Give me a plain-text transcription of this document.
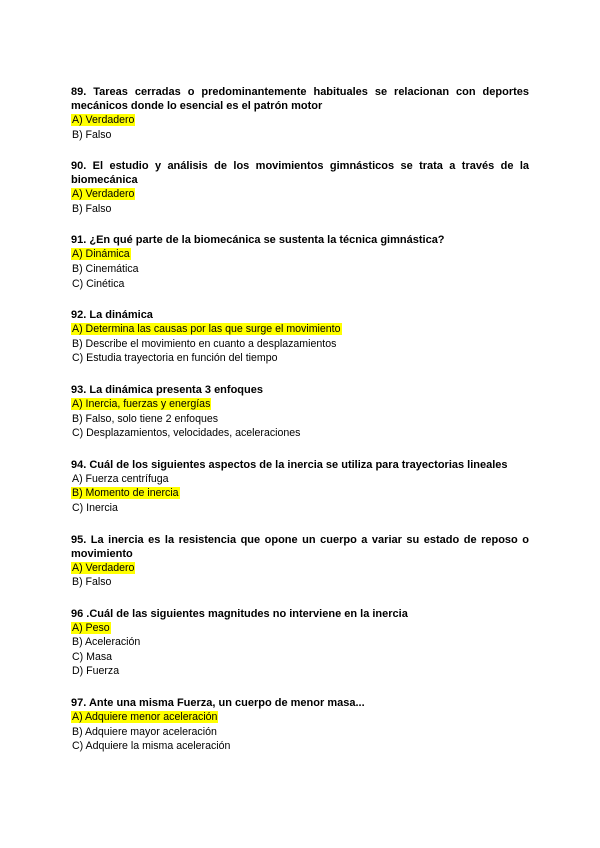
89. Tareas cerradas o predominantemente habituales se relacionan con deportes mecánicos donde lo esencial es el patrón motor

A) Verdadero
B) Falso

90. El estudio y análisis de los movimientos gimnásticos se trata a través de la biomecánica

A) Verdadero
B) Falso

91. ¿En qué parte de la biomecánica se sustenta la técnica gimnástica?

A) Dinámica
B) Cinemática
C) Cinética

92. La dinámica

A) Determina las causas por las que surge el movimiento
B) Describe el movimiento en cuanto a desplazamientos
C) Estudia trayectoria en función del tiempo

93. La dinámica presenta 3 enfoques

A) Inercia, fuerzas y energías
B) Falso, solo tiene 2 enfoques
C) Desplazamientos, velocidades, aceleraciones

94. Cuál de los siguientes aspectos de la inercia se utiliza para trayectorias lineales

A) Fuerza centrífuga
B) Momento de inercia
C) Inercia

95. La inercia es la resistencia que opone un cuerpo a variar su estado de reposo o movimiento

A) Verdadero
B) Falso

96 .Cuál de las siguientes magnitudes no interviene en la inercia

A) Peso
B) Aceleración
C) Masa
D) Fuerza

97. Ante una misma Fuerza, un cuerpo de menor masa...

A) Adquiere menor aceleración
B) Adquiere mayor aceleración
C) Adquiere la misma aceleración
